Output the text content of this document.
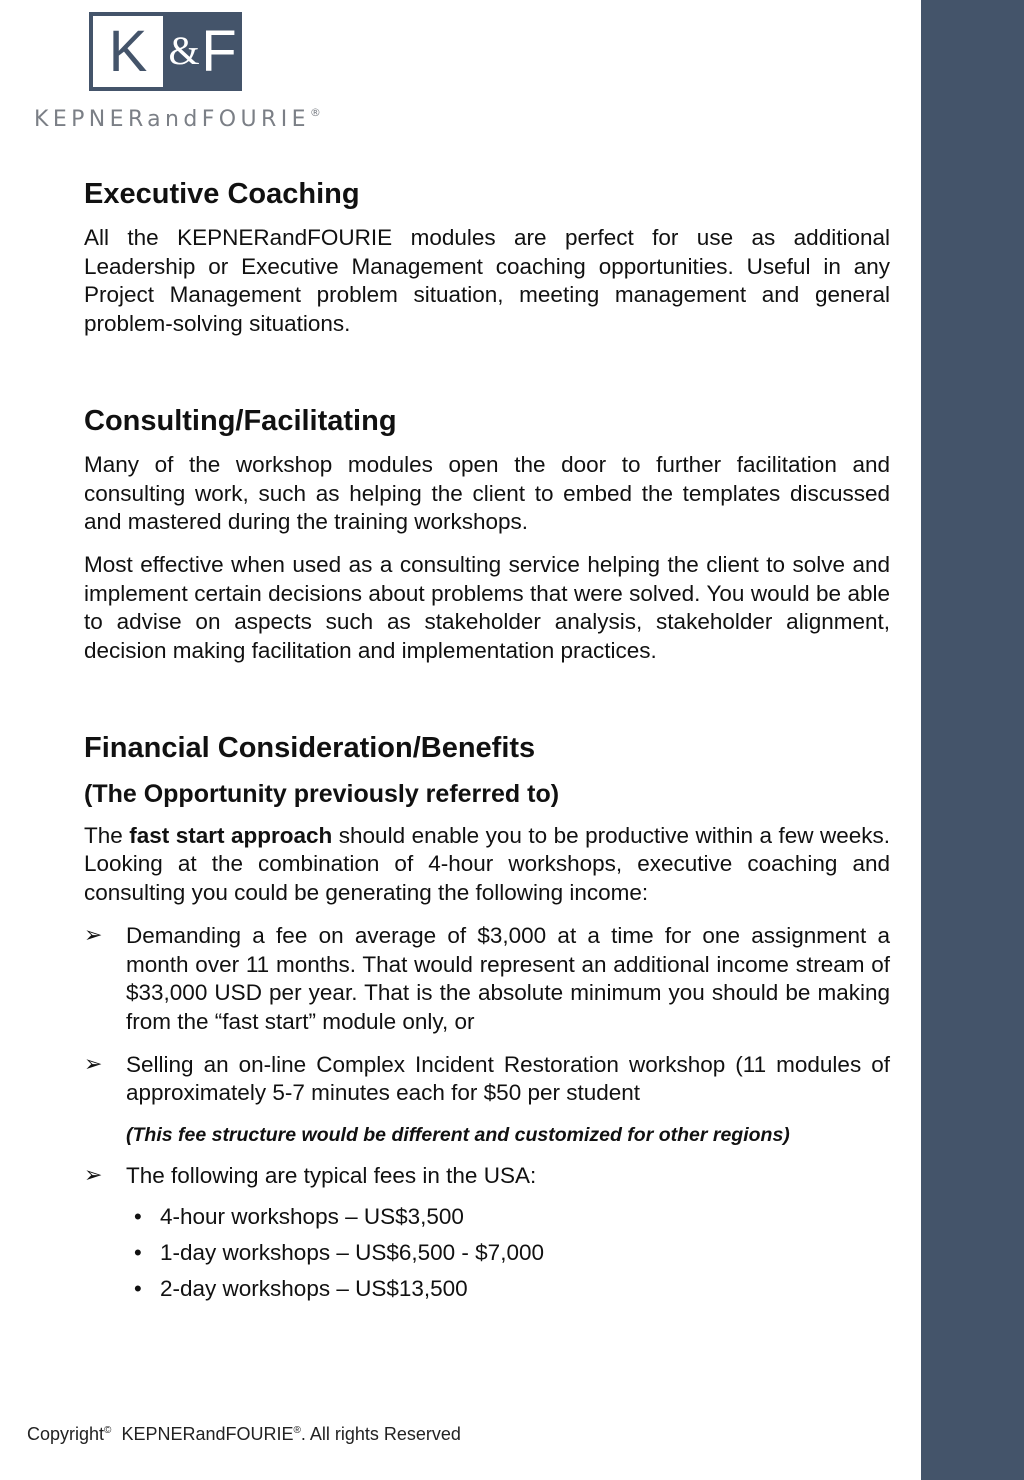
K & F
KEPNERandFOURIE®
Executive Coaching

All the KEPNERandFOURIE modules are perfect for use as additional Leadership or Executive Management coaching opportunities. Useful in any Project Management problem situation, meeting management and general problem-solving situations.

Consulting/Facilitating

Many of the workshop modules open the door to further facilitation and consulting work, such as helping the client to embed the templates discussed and mastered during the training workshops.

Most effective when used as a consulting service helping the client to solve and implement certain decisions about problems that were solved. You would be able to advise on aspects such as stakeholder analysis, stakeholder alignment, decision making facilitation and implementation practices.

Financial Consideration/Benefits
(The Opportunity previously referred to)

The fast start approach should enable you to be productive within a few weeks. Looking at the combination of 4-hour workshops, executive coaching and consulting you could be generating the following income:

➢ Demanding a fee on average of $3,000 at a time for one assignment a month over 11 months. That would represent an additional income stream of $33,000 USD per year. That is the absolute minimum you should be making from the “fast start” module only, or

➢ Selling an on-line Complex Incident Restoration workshop (11 modules of approximately 5-7 minutes each for $50 per student

(This fee structure would be different and customized for other regions)
➢ The following are typical fees in the USA:

• 4-hour workshops – US$3,500
• 1-day workshops – US$6,500 - $7,000
• 2-day workshops – US$13,500
Copyright© KEPNERandFOURIE®. All rights Reserved
